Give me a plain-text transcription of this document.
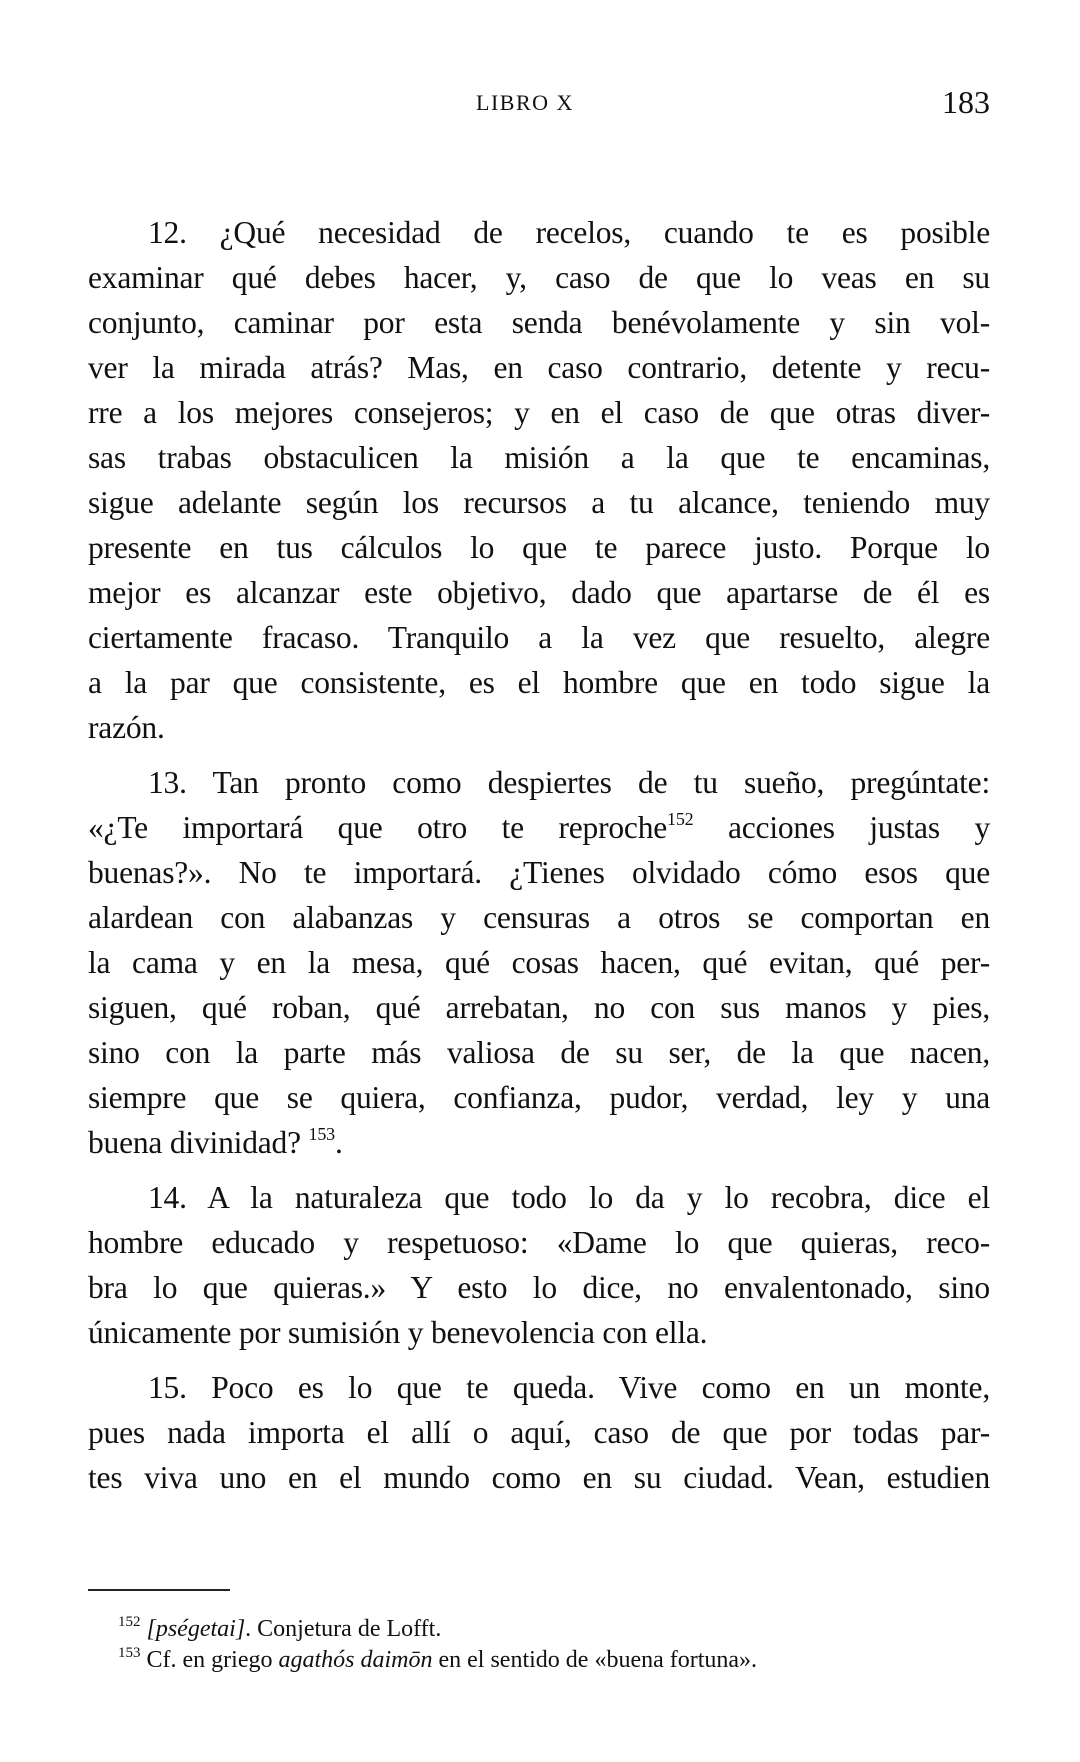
LIBRO X	183
12. ¿Qué necesidad de recelos, cuando te es posible
examinar qué debes hacer, y, caso de que lo veas en su
conjunto, caminar por esta senda benévolamente y sin vol-
ver la mirada atrás? Mas, en caso contrario, detente y recu-
rre a los mejores consejeros; y en el caso de que otras diver-
sas trabas obstaculicen la misión a la que te encaminas,
sigue adelante según los recursos a tu alcance, teniendo muy
presente en tus cálculos lo que te parece justo. Porque lo
mejor es alcanzar este objetivo, dado que apartarse de él es
ciertamente fracaso. Tranquilo a la vez que resuelto, alegre
a la par que consistente, es el hombre que en todo sigue la
razón.
13. Tan pronto como despiertes de tu sueño, pregúntate:
«¿Te importará que otro te reproche$^{152}$ acciones justas y
buenas?». No te importará. ¿Tienes olvidado cómo esos que
alardean con alabanzas y censuras a otros se comportan en
la cama y en la mesa, qué cosas hacen, qué evitan, qué per-
siguen, qué roban, qué arrebatan, no con sus manos y pies,
sino con la parte más valiosa de su ser, de la que nacen,
siempre que se quiera, confianza, pudor, verdad, ley y una
buena divinidad? $^{153}$.
14. A la naturaleza que todo lo da y lo recobra, dice el
hombre educado y respetuoso: «Dame lo que quieras, reco-
bra lo que quieras.» Y esto lo dice, no envalentonado, sino
únicamente por sumisión y benevolencia con ella.
15. Poco es lo que te queda. Vive como en un monte,
pues nada importa el allí o aquí, caso de que por todas par-
tes viva uno en el mundo como en su ciudad. Vean, estudien
$^{152}$ [pségetai]. Conjetura de Lofft.
$^{153}$ Cf. en griego agathós daimōn en el sentido de «buena fortuna».
